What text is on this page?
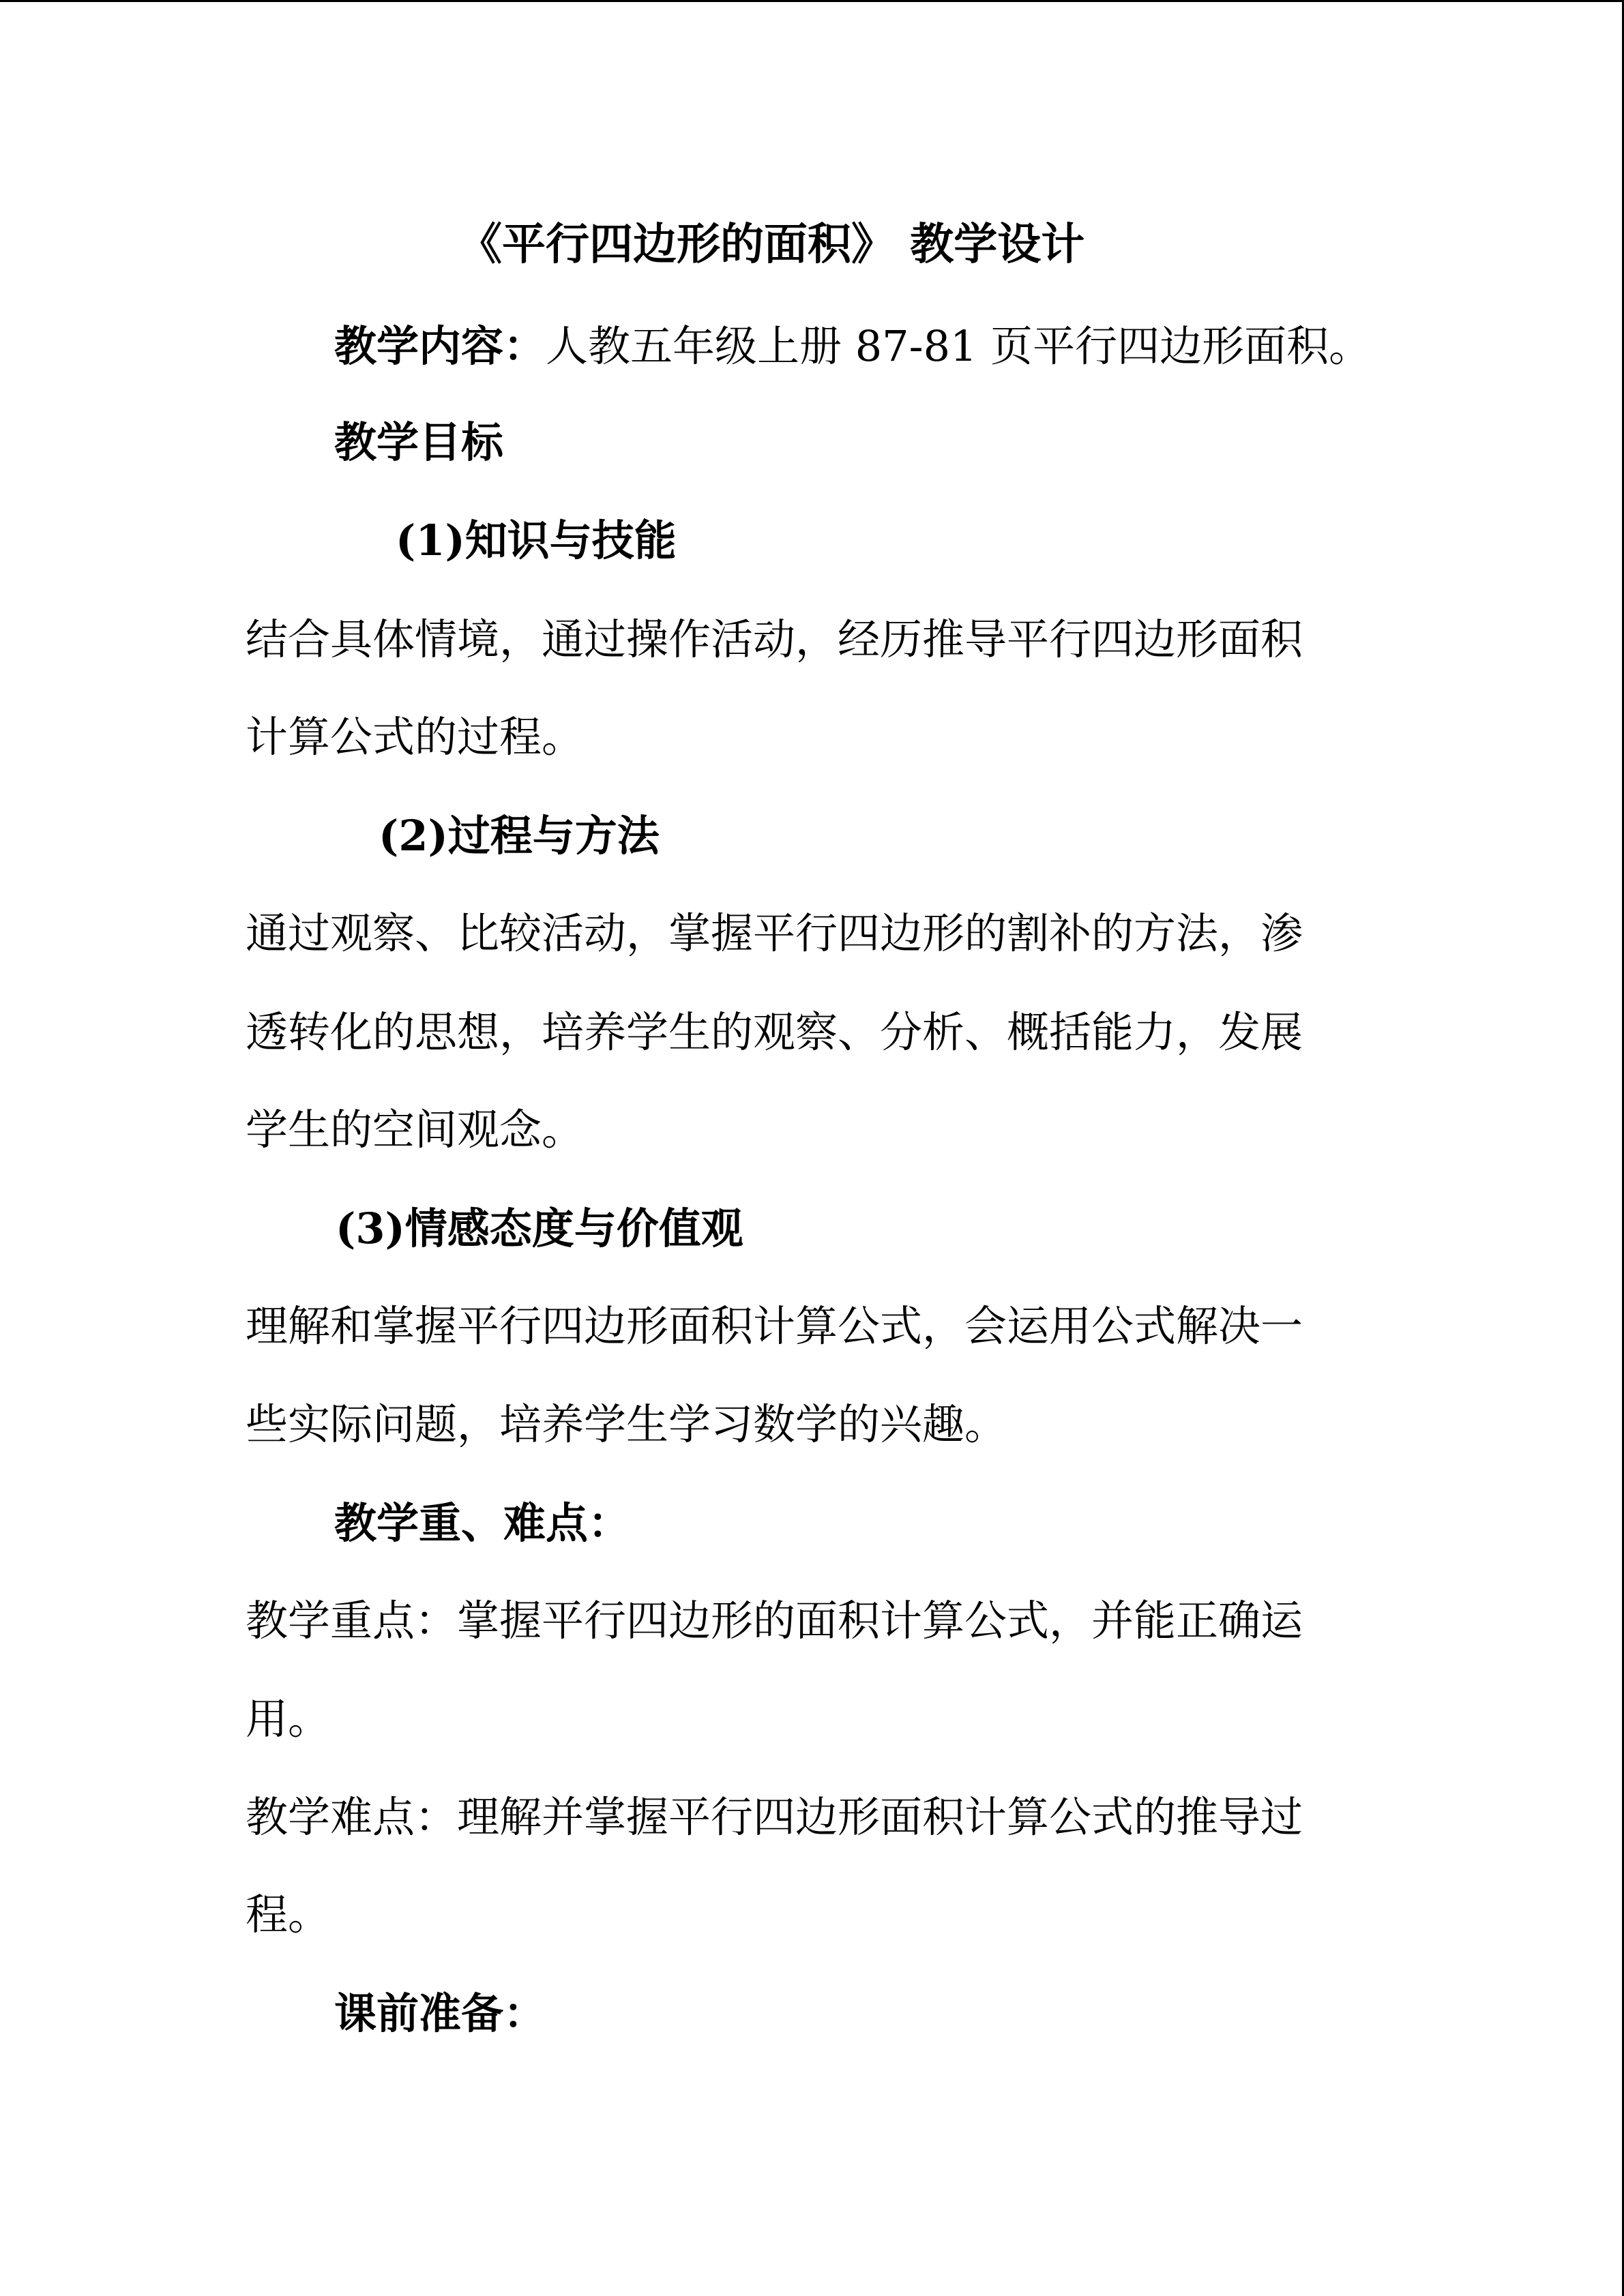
《平行四边形的面积》 教学设计
教学内容：人教五年级上册 87-81 页平行四边形面积。
教学目标
(1)知识与技能
结合具体情境，通过操作活动，经历推导平行四边形面积
计算公式的过程。
(2)过程与方法
通过观察、比较活动，掌握平行四边形的割补的方法，渗
透转化的思想，培养学生的观察、分析、概括能力，发展
学生的空间观念。
(3)情感态度与价值观
理解和掌握平行四边形面积计算公式，会运用公式解决一
些实际问题，培养学生学习数学的兴趣。
教学重、难点：
教学重点：掌握平行四边形的面积计算公式，并能正确运
用。
教学难点：理解并掌握平行四边形面积计算公式的推导过
程。
课前准备：
